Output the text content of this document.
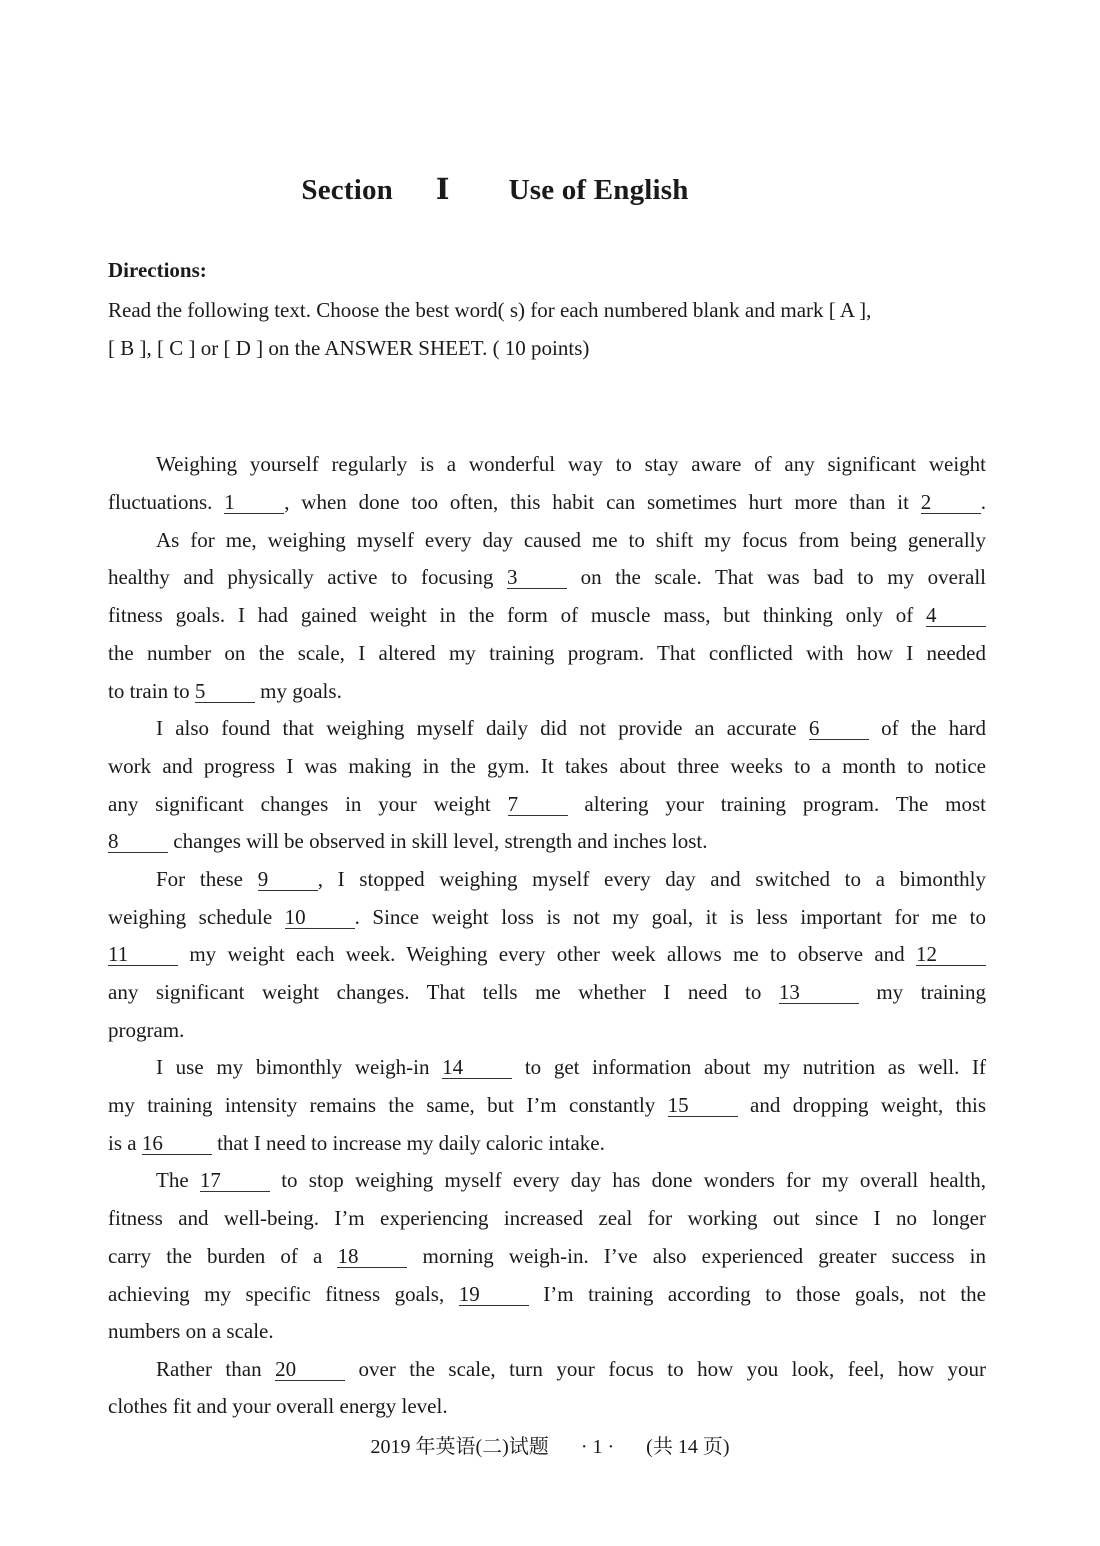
Section Ⅰ Use of English
Directions:
Read the following text. Choose the best word( s) for each numbered blank and mark [ A ],
[ B ], [ C ] or [ D ] on the ANSWER SHEET. ( 10 points)
Weighing yourself regularly is a wonderful way to stay aware of any significant weight
fluctuations. 1 , when done too often, this habit can sometimes hurt more than it 2 .
As for me, weighing myself every day caused me to shift my focus from being generally
healthy and physically active to focusing 3	on the scale. That was bad to my overall
fitness goals. I had gained weight in the form of muscle mass, but thinking only of 4
the number on the scale, I altered my training program. That conflicted with how I needed
to train to 5	my goals.
I also found that weighing myself daily did not provide an accurate 6	of the hard
work and progress I was making in the gym. It takes about three weeks to a month to notice
any significant changes in your weight 7	altering your training program. The most
8	changes will be observed in skill level, strength and inches lost.
For these 9 , I stopped weighing myself every day and switched to a bimonthly
weighing schedule 10 . Since weight loss is not my goal, it is less important for me to
11	my weight each week. Weighing every other week allows me to observe and 12
any significant weight changes. That tells me whether I need to 13	my training
program.
I use my bimonthly weigh-in 14	to get information about my nutrition as well. If
my training intensity remains the same, but I’m constantly 15	and dropping weight, this
is a 16	that I need to increase my daily caloric intake.
The 17	to stop weighing myself every day has done wonders for my overall health,
fitness and well-being. I’m experiencing increased zeal for working out since I no longer
carry the burden of a 18	morning weigh-in. I’ve also experienced greater success in
achieving my specific fitness goals, 19	I’m training according to those goals, not the
numbers on a scale.
Rather than 20	over the scale, turn your focus to how you look, feel, how your
clothes fit and your overall energy level.
2019 年英语(二)试题 · 1 · (共 14 页)
